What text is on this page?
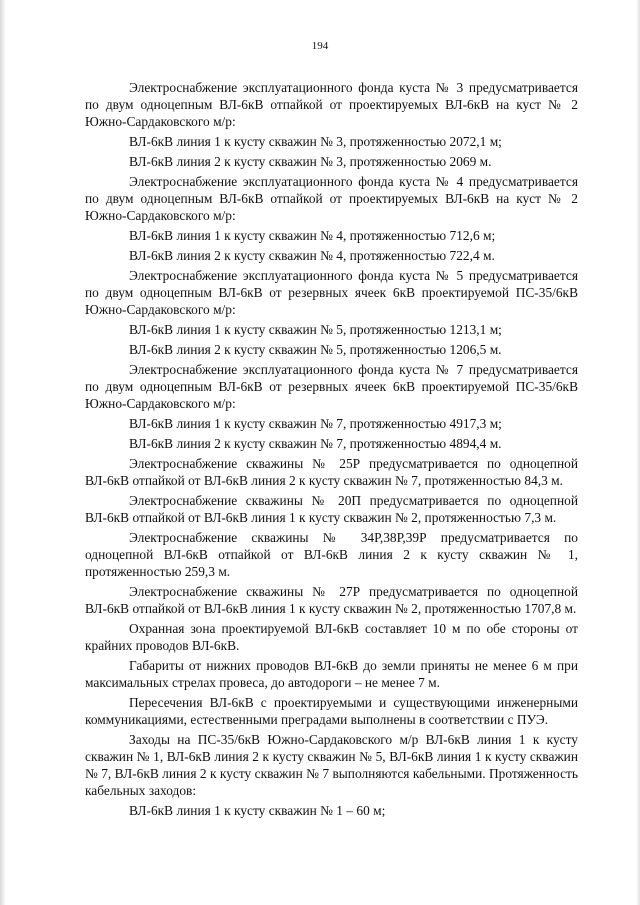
194
Электроснабжение эксплуатационного фонда куста № 3 предусматривается по двум одноцепным ВЛ-6кВ отпайкой от проектируемых ВЛ-6кВ на куст № 2 Южно-Сардаковского м/р:
ВЛ-6кВ линия 1 к кусту скважин № 3, протяженностью 2072,1 м;
ВЛ-6кВ линия 2 к кусту скважин № 3, протяженностью 2069 м.
Электроснабжение эксплуатационного фонда куста № 4 предусматривается по двум одноцепным ВЛ-6кВ отпайкой от проектируемых ВЛ-6кВ на куст № 2 Южно-Сардаковского м/р:
ВЛ-6кВ линия 1 к кусту скважин № 4, протяженностью 712,6 м;
ВЛ-6кВ линия 2 к кусту скважин № 4, протяженностью 722,4 м.
Электроснабжение эксплуатационного фонда куста № 5 предусматривается по двум одноцепным ВЛ-6кВ от резервных ячеек 6кВ проектируемой ПС-35/6кВ Южно-Сардаковского м/р:
ВЛ-6кВ линия 1 к кусту скважин № 5, протяженностью 1213,1 м;
ВЛ-6кВ линия 2 к кусту скважин № 5, протяженностью 1206,5 м.
Электроснабжение эксплуатационного фонда куста № 7 предусматривается по двум одноцепным ВЛ-6кВ от резервных ячеек 6кВ проектируемой ПС-35/6кВ Южно-Сардаковского м/р:
ВЛ-6кВ линия 1 к кусту скважин № 7, протяженностью 4917,3 м;
ВЛ-6кВ линия 2 к кусту скважин № 7, протяженностью 4894,4 м.
Электроснабжение скважины № 25Р предусматривается по одноцепной ВЛ-6кВ отпайкой от ВЛ-6кВ линия 2 к кусту скважин № 7, протяженностью 84,3 м.
Электроснабжение скважины № 20П предусматривается по одноцепной ВЛ-6кВ отпайкой от ВЛ-6кВ линия 1 к кусту скважин № 2, протяженностью 7,3 м.
Электроснабжение скважины № 34Р,38Р,39Р предусматривается по одноцепной ВЛ-6кВ отпайкой от ВЛ-6кВ линия 2 к кусту скважин № 1, протяженностью 259,3 м.
Электроснабжение скважины № 27Р предусматривается по одноцепной ВЛ-6кВ отпайкой от ВЛ-6кВ линия 1 к кусту скважин № 2, протяженностью 1707,8 м.
Охранная зона проектируемой ВЛ-6кВ составляет 10 м по обе стороны от крайних проводов ВЛ-6кВ.
Габариты от нижних проводов ВЛ-6кВ до земли приняты не менее 6 м при максимальных стрелах провеса, до автодороги – не менее 7 м.
Пересечения ВЛ-6кВ с проектируемыми и существующими инженерными коммуникациями, естественными преградами выполнены в соответствии с ПУЭ.
Заходы на ПС-35/6кВ Южно-Сардаковского м/р ВЛ-6кВ линия 1 к кусту скважин № 1, ВЛ-6кВ линия 2 к кусту скважин № 5, ВЛ-6кВ линия 1 к кусту скважин № 7, ВЛ-6кВ линия 2 к кусту скважин № 7 выполняются кабельными. Протяженность кабельных заходов:
ВЛ-6кВ линия 1 к кусту скважин № 1 – 60 м;
